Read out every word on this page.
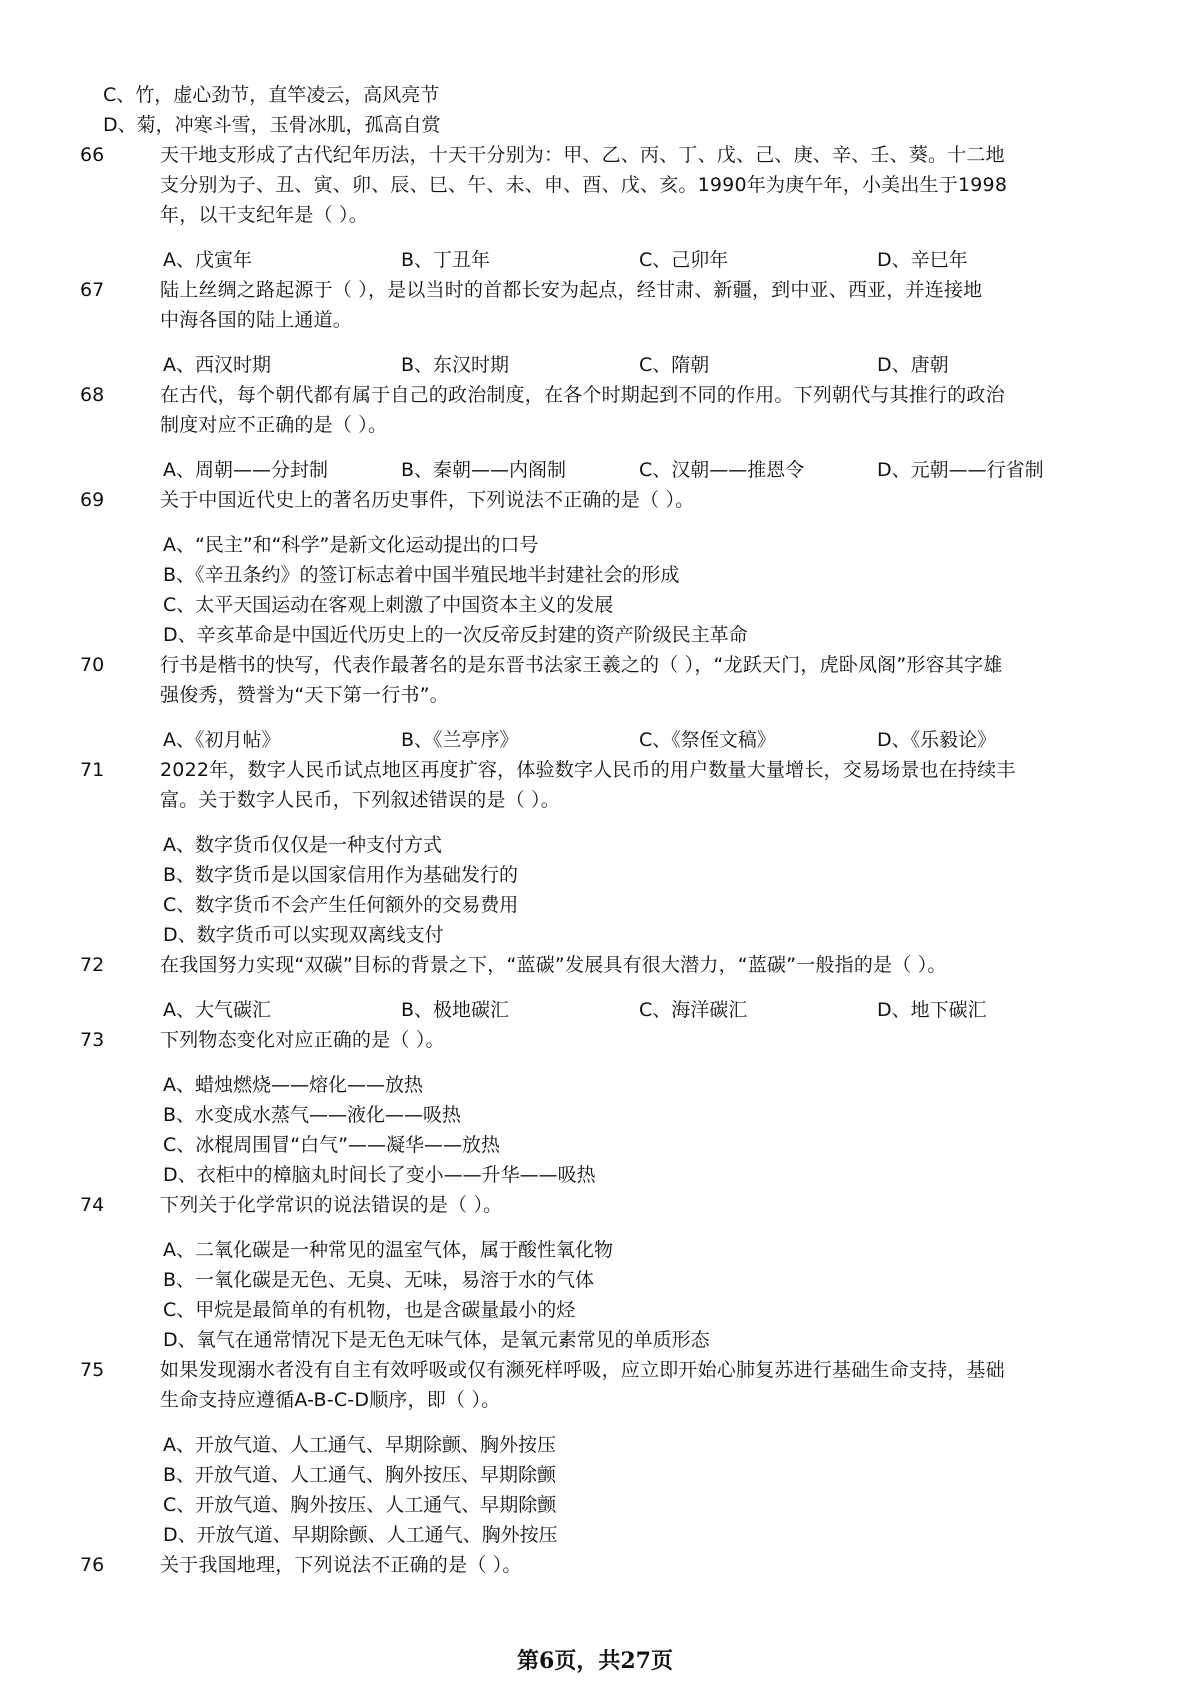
C、竹，虚心劲节，直竿凌云，高风亮节
D、菊，冲寒斗雪，玉骨冰肌，孤高自赏
66	天干地支形成了古代纪年历法，十天干分别为：甲、乙、丙、丁、戊、己、庚、辛、壬、葵。十二地
支分别为子、丑、寅、卯、辰、巳、午、未、申、酉、戊、亥。1990年为庚午年，小美出生于1998
年，以干支纪年是（ ）。
A、戊寅年	B、丁丑年	C、己卯年	D、辛巳年
67	陆上丝绸之路起源于（ ），是以当时的首都长安为起点，经甘肃、新疆，到中亚、西亚，并连接地
中海各国的陆上通道。
A、西汉时期	B、东汉时期	C、隋朝	D、唐朝
68	在古代，每个朝代都有属于自己的政治制度，在各个时期起到不同的作用。下列朝代与其推行的政治
制度对应不正确的是（ ）。
A、周朝——分封制	B、秦朝——内阁制	C、汉朝——推恩令	D、元朝——行省制
69	关于中国近代史上的著名历史事件，下列说法不正确的是（ ）。
A、“民主”和“科学”是新文化运动提出的口号
B、《辛丑条约》的签订标志着中国半殖民地半封建社会的形成
C、太平天国运动在客观上刺激了中国资本主义的发展
D、辛亥革命是中国近代历史上的一次反帝反封建的资产阶级民主革命
70	行书是楷书的快写，代表作最著名的是东晋书法家王羲之的（ ），“龙跃天门，虎卧凤阁”形容其字雄
强俊秀，赞誉为“天下第一行书”。
A、《初月帖》	B、《兰亭序》	C、《祭侄文稿》	D、《乐毅论》
71	2022年，数字人民币试点地区再度扩容，体验数字人民币的用户数量大量增长，交易场景也在持续丰
富。关于数字人民币，下列叙述错误的是（ ）。
A、数字货币仅仅是一种支付方式
B、数字货币是以国家信用作为基础发行的
C、数字货币不会产生任何额外的交易费用
D、数字货币可以实现双离线支付
72	在我国努力实现“双碳”目标的背景之下，“蓝碳”发展具有很大潜力，“蓝碳”一般指的是（ ）。
A、大气碳汇	B、极地碳汇	C、海洋碳汇	D、地下碳汇
73	下列物态变化对应正确的是（ ）。
A、蜡烛燃烧——熔化——放热
B、水变成水蒸气——液化——吸热
C、冰棍周围冒“白气”——凝华——放热
D、衣柜中的樟脑丸时间长了变小——升华——吸热
74	下列关于化学常识的说法错误的是（ ）。
A、二氧化碳是一种常见的温室气体，属于酸性氧化物
B、一氧化碳是无色、无臭、无味，易溶于水的气体
C、甲烷是最简单的有机物，也是含碳量最小的烃
D、氧气在通常情况下是无色无味气体，是氧元素常见的单质形态
75	如果发现溺水者没有自主有效呼吸或仅有濒死样呼吸，应立即开始心肺复苏进行基础生命支持，基础
生命支持应遵循A-B-C-D顺序，即（ ）。
A、开放气道、人工通气、早期除颤、胸外按压
B、开放气道、人工通气、胸外按压、早期除颤
C、开放气道、胸外按压、人工通气、早期除颤
D、开放气道、早期除颤、人工通气、胸外按压
76	关于我国地理，下列说法不正确的是（ ）。
第6页，共27页
